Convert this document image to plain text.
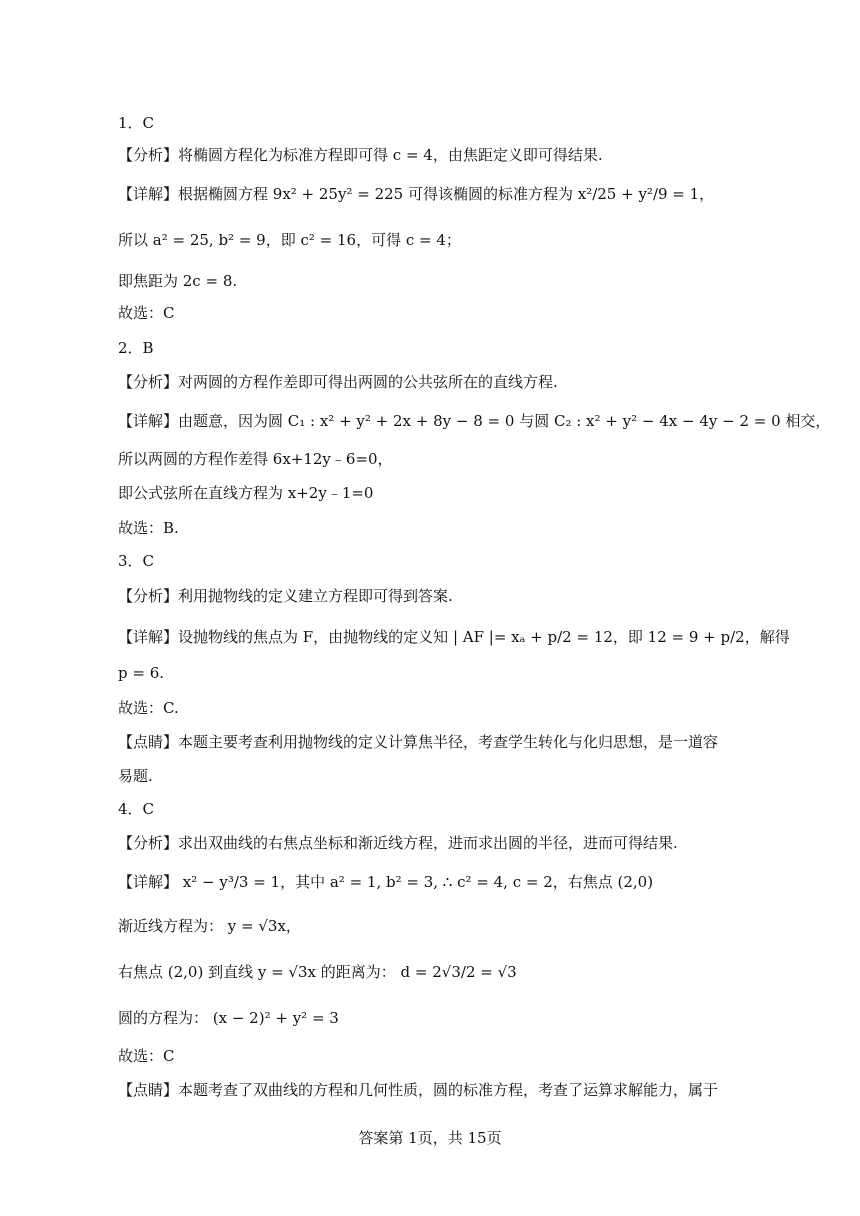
1．C
【分析】将椭圆方程化为标准方程即可得 c = 4，由焦距定义即可得结果.
【详解】根据椭圆方程 9x² + 25y² = 225 可得该椭圆的标准方程为 x²/25 + y²/9 = 1，
所以 a² = 25, b² = 9，即 c² = 16，可得 c = 4；
即焦距为 2c = 8.
故选：C
2．B
【分析】对两圆的方程作差即可得出两圆的公共弦所在的直线方程.
【详解】由题意，因为圆 C₁ : x² + y² + 2x + 8y − 8 = 0 与圆 C₂ : x² + y² − 4x − 4y − 2 = 0 相交，
所以两圆的方程作差得 6x+12y﹣6=0，
即公式弦所在直线方程为 x+2y﹣1=0
故选：B.
3．C
【分析】利用抛物线的定义建立方程即可得到答案.
【详解】设抛物线的焦点为 F，由抛物线的定义知 | AF |= xₐ + p/2 = 12，即 12 = 9 + p/2，解得
p = 6.
故选：C.
【点睛】本题主要考查利用抛物线的定义计算焦半径，考查学生转化与化归思想，是一道容
易题.
4．C
【分析】求出双曲线的右焦点坐标和渐近线方程，进而求出圆的半径，进而可得结果.
【详解】 x² − y³/3 = 1，其中 a² = 1, b² = 3, ∴ c² = 4, c = 2，右焦点 (2,0)
渐近线方程为： y = √3x，
右焦点 (2,0) 到直线 y = √3x 的距离为： d = 2√3/2 = √3
圆的方程为： (x − 2)² + y² = 3
故选：C
【点睛】本题考查了双曲线的方程和几何性质，圆的标准方程，考查了运算求解能力，属于
答案第 1页，共 15页
